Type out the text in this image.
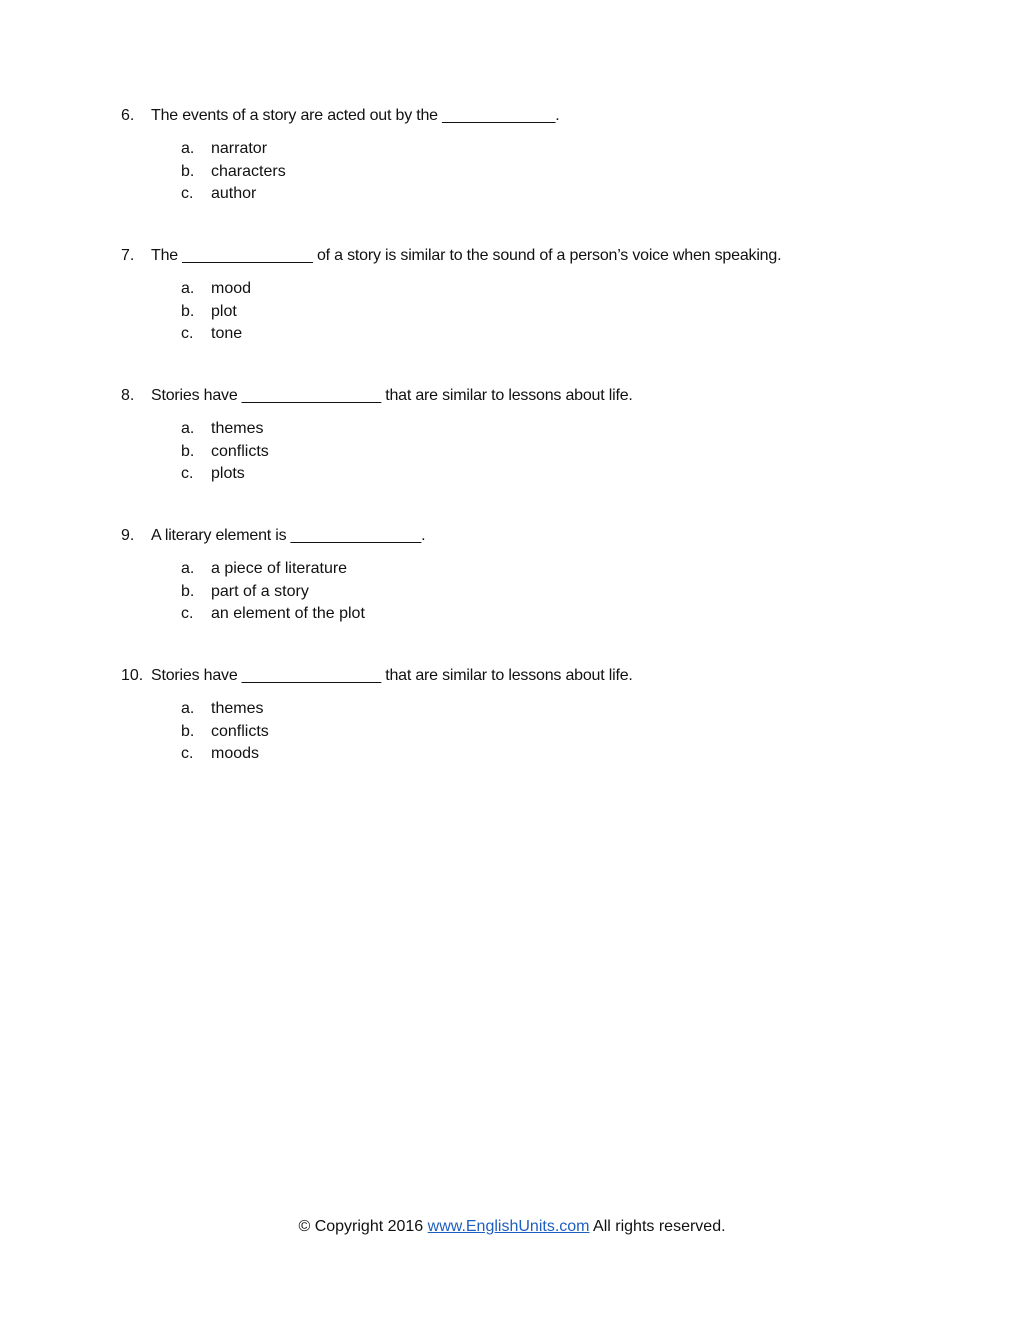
6. The events of a story are acted out by the _____________.
a. narrator
b. characters
c. author
7. The _______________ of a story is similar to the sound of a person’s voice when speaking.
a. mood
b. plot
c. tone
8. Stories have ________________ that are similar to lessons about life.
a. themes
b. conflicts
c. plots
9. A literary element is _______________.
a. a piece of literature
b. part of a story
c. an element of the plot
10. Stories have ________________ that are similar to lessons about life.
a. themes
b. conflicts
c. moods
© Copyright 2016 www.EnglishUnits.com All rights reserved.
